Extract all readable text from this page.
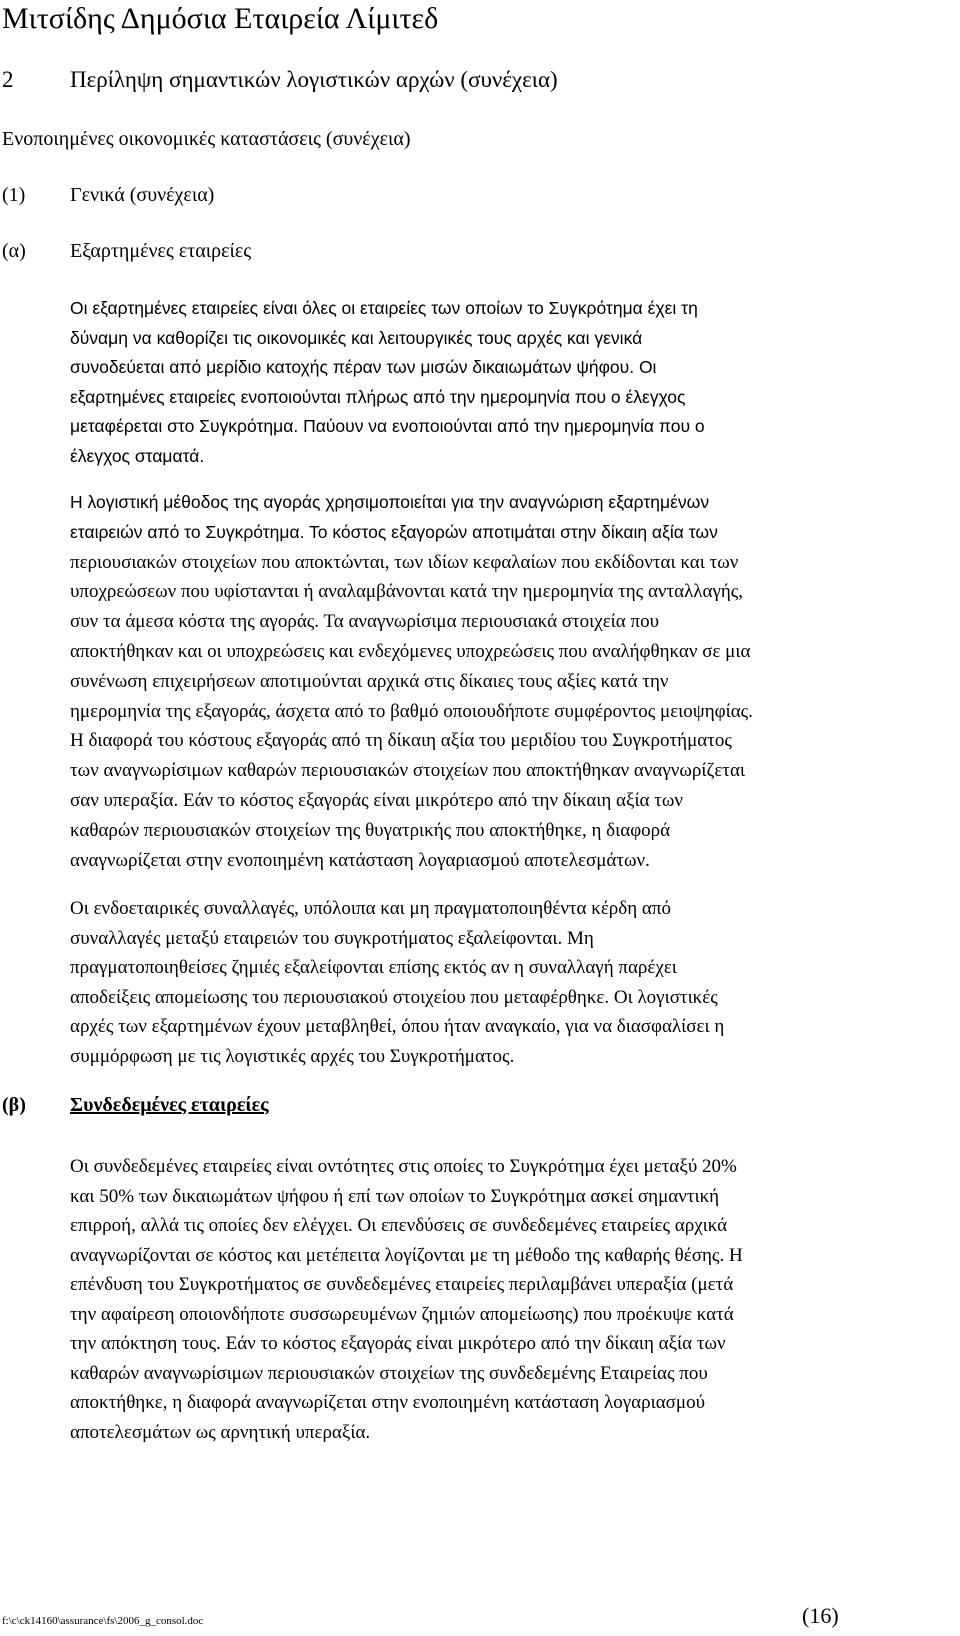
Μιτσίδης Δημόσια Εταιρεία Λίμιτεδ
2 Περίληψη σημαντικών λογιστικών αρχών (συνέχεια)
Ενοποιημένες οικονομικές καταστάσεις (συνέχεια)
(1) Γενικά (συνέχεια)
(α) Εξαρτημένες εταιρείες
Οι εξαρτημένες εταιρείες είναι όλες οι εταιρείες των οποίων το Συγκρότημα έχει τη
δύναμη να καθορίζει τις οικονομικές και λειτουργικές τους αρχές και γενικά
συνοδεύεται από μερίδιο κατοχής πέραν των μισών δικαιωμάτων ψήφου. Οι
εξαρτημένες εταιρείες ενοποιούνται πλήρως από την ημερομηνία που ο έλεγχος
μεταφέρεται στο Συγκρότημα. Παύουν να ενοποιούνται από την ημερομηνία που ο
έλεγχος σταματά.
Η λογιστική μέθοδος της αγοράς χρησιμοποιείται για την αναγνώριση εξαρτημένων
εταιρειών από το Συγκρότημα. Το κόστος εξαγορών αποτιμάται στην δίκαιη αξία των
περιουσιακών στοιχείων που αποκτώνται, των ιδίων κεφαλαίων που εκδίδονται και των
υποχρεώσεων που υφίστανται ή αναλαμβάνονται κατά την ημερομηνία της ανταλλαγής,
συν τα άμεσα κόστα της αγοράς. Τα αναγνωρίσιμα περιουσιακά στοιχεία που
αποκτήθηκαν και οι υποχρεώσεις και ενδεχόμενες υποχρεώσεις που αναλήφθηκαν σε μια
συνένωση επιχειρήσεων αποτιμούνται αρχικά στις δίκαιες τους αξίες κατά την
ημερομηνία της εξαγοράς, άσχετα από το βαθμό οποιουδήποτε συμφέροντος μειοψηφίας.
Η διαφορά του κόστους εξαγοράς από τη δίκαιη αξία του μεριδίου του Συγκροτήματος
των αναγνωρίσιμων καθαρών περιουσιακών στοιχείων που αποκτήθηκαν αναγνωρίζεται
σαν υπεραξία. Εάν το κόστος εξαγοράς είναι μικρότερο από την δίκαιη αξία των
καθαρών περιουσιακών στοιχείων της θυγατρικής που αποκτήθηκε, η διαφορά
αναγνωρίζεται στην ενοποιημένη κατάσταση λογαριασμού αποτελεσμάτων.
Οι ενδοεταιρικές συναλλαγές, υπόλοιπα και μη πραγματοποιηθέντα κέρδη από
συναλλαγές μεταξύ εταιρειών του συγκροτήματος εξαλείφονται. Μη
πραγματοποιηθείσες ζημιές εξαλείφονται επίσης εκτός αν η συναλλαγή παρέχει
αποδείξεις απομείωσης του περιουσιακού στοιχείου που μεταφέρθηκε. Οι λογιστικές
αρχές των εξαρτημένων έχουν μεταβληθεί, όπου ήταν αναγκαίο, για να διασφαλίσει η
συμμόρφωση με τις λογιστικές αρχές του Συγκροτήματος.
(β) Συνδεδεμένες εταιρείες
Οι συνδεδεμένες εταιρείες είναι οντότητες στις οποίες το Συγκρότημα έχει μεταξύ 20%
και 50% των δικαιωμάτων ψήφου ή επί των οποίων το Συγκρότημα ασκεί σημαντική
επιρροή, αλλά τις οποίες δεν ελέγχει. Οι επενδύσεις σε συνδεδεμένες εταιρείες αρχικά
αναγνωρίζονται σε κόστος και μετέπειτα λογίζονται με τη μέθοδο της καθαρής θέσης. Η
επένδυση του Συγκροτήματος σε συνδεδεμένες εταιρείες περιλαμβάνει υπεραξία (μετά
την αφαίρεση οποιονδήποτε συσσωρευμένων ζημιών απομείωσης) που προέκυψε κατά
την απόκτηση τους. Εάν το κόστος εξαγοράς είναι μικρότερο από την δίκαιη αξία των
καθαρών αναγνωρίσιμων περιουσιακών στοιχείων της συνδεδεμένης Εταιρείας που
αποκτήθηκε, η διαφορά αναγνωρίζεται στην ενοποιημένη κατάσταση λογαριασμού
αποτελεσμάτων ως αρνητική υπεραξία.
f:\c\ck14160\assurance\fs\2006_g_consol.doc	(16)
